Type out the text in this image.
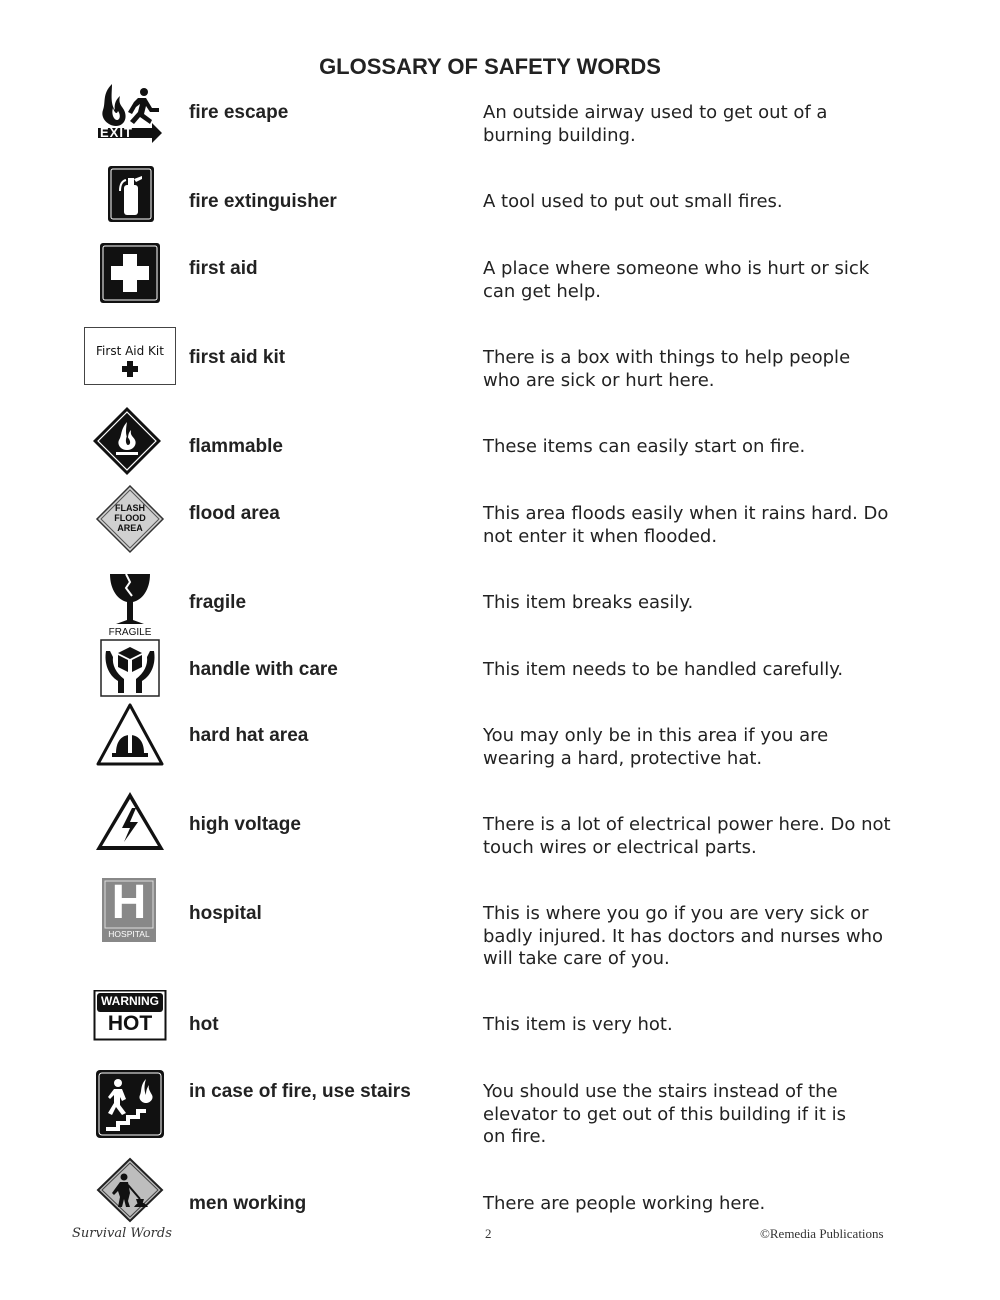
GLOSSARY OF SAFETY WORDS
EXIT
fire escape	An outside airway used to get out of a
burning building.
fire extinguisher	A tool used to put out small fires.
first aid	A place where someone who is hurt or sick
can get help.
First Aid Kit	first aid kit	There is a box with things to help people
who are sick or hurt here.
flammable	These items can easily start on fire.
FLASH
FLOOD
AREA
flood area	This area floods easily when it rains hard. Do
not enter it when flooded.
FRAGILE
fragile	This item breaks easily.
handle with care	This item needs to be handled carefully.
hard hat area	You may only be in this area if you are
wearing a hard, protective hat.
high voltage	There is a lot of electrical power here. Do not
touch wires or electrical parts.
H
HOSPITAL
hospital	This is where you go if you are very sick or
badly injured. It has doctors and nurses who
will take care of you.
WARNING
HOT	hot	This item is very hot.
in case of fire, use stairs	You should use the stairs instead of the
elevator to get out of this building if it is
on fire.
men working	There are people working here.
Survival Words	2	©Remedia Publications
